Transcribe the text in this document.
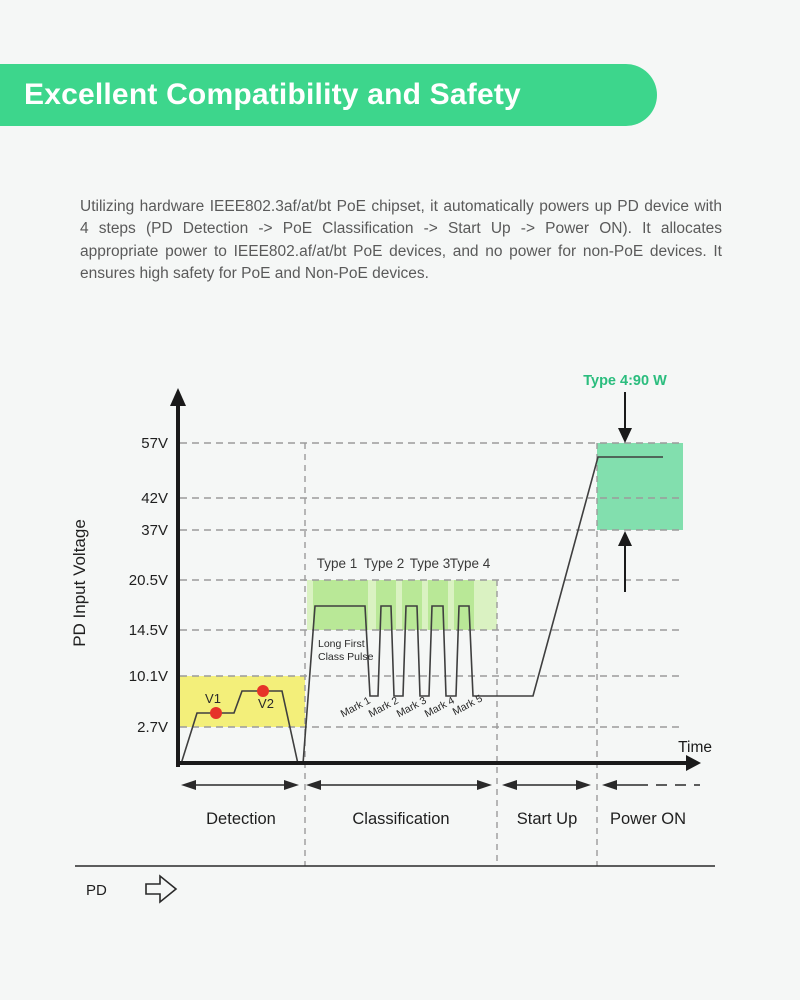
Excellent Compatibility and Safety

Utilizing hardware IEEE802.3af/at/bt PoE chipset, it automatically powers up PD device with 4 steps (PD Detection -> PoE Classification -> Start Up -> Power ON). It allocates appropriate power to IEEE802.af/at/bt PoE devices, and no power for non-PoE devices. It ensures high safety for PoE and Non-PoE devices.

V1	V2
PD Input Voltage
Time
57V
42V
37V
20.5V
14.5V
10.1V
2.7V
Type 1 Type 2 Type 3 Type 4
Long First
Class Pulse
Mark 1
Mark 2
Mark 3
Mark 4
Mark 5
Type 4:90 W
Detection	Classification	Start Up Power ON
PD
